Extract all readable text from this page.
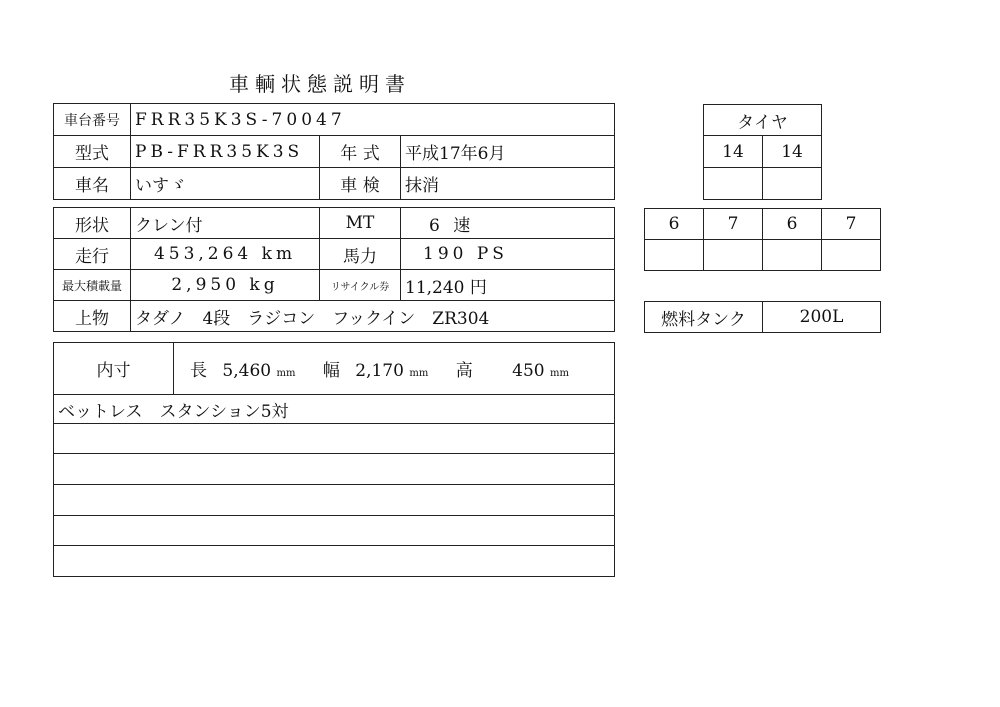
車輌状態説明書
車台番号	FRR35K3S-70047		
型式	PB-FRR35K3S	年 式	平成17年6月
車名	いすゞ	車 検	抹消
形状	クレン付	MT	6 速
走行	453,264 km	馬力	190 PS
最大積載量	2,950 kg	リサイクル券	11,240 円
上物	タダノ　4段　ラジコン　フックイン　ZR304		
内寸	長 5,460 mm 幅 2,170 mm 高 450 mm
ベットレス　スタンション5対

タイヤ	
14	14

6	7	6	7

燃料タンク	200L
